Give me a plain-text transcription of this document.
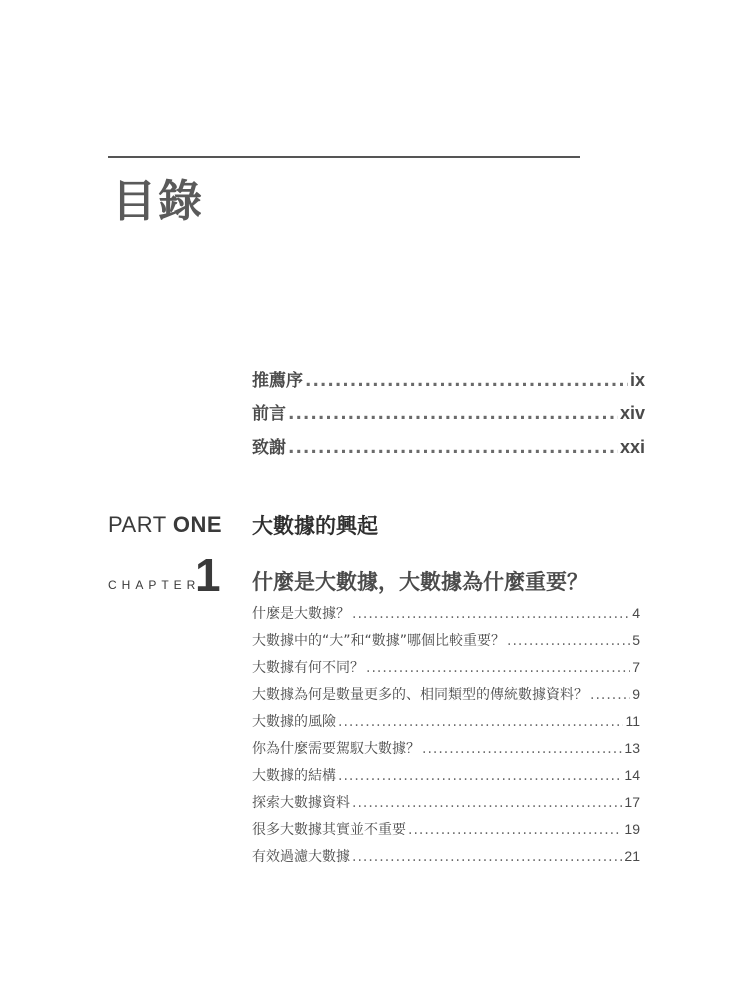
目錄
推薦序 .....	ix
前言 .....	xiv
致謝 .....	xxi
PART ONE 大數據的興起
CHAPTER
1 什麼是大數據，大數據為什麼重要？
什麼是大數據？ .....	4
大數據中的“大”和“數據”哪個比較重要？ .....	5
大數據有何不同？ .....	7
大數據為何是數量更多的、相同類型的傳統數據資料？ .....	9
大數據的風險 .....	11
你為什麼需要駕馭大數據？ .....	13
大數據的結構 .....	14
探索大數據資料 .....	17
很多大數據其實並不重要 .....	19
有效過濾大數據 .....	21
